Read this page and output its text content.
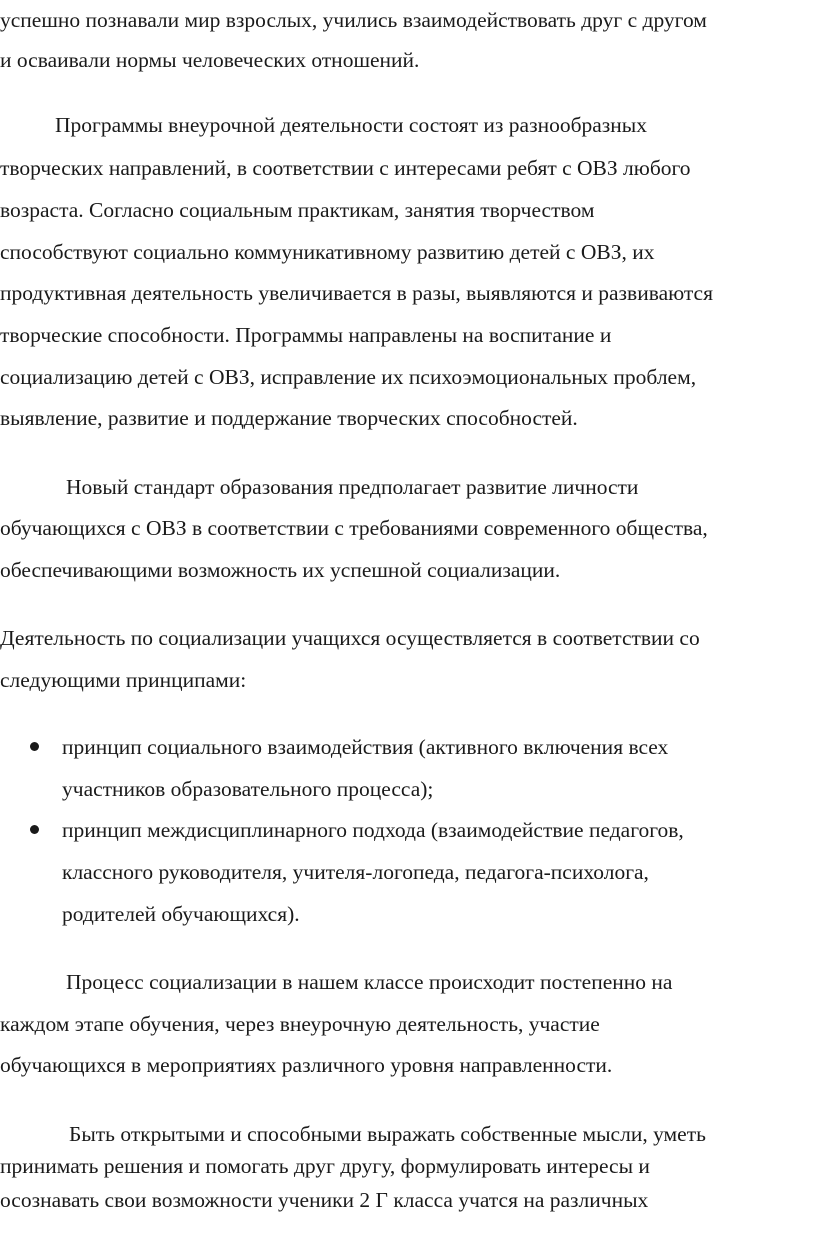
успешно познавали мир взрослых, учились взаимодействовать друг с другом
и осваивали нормы человеческих отношений.
Программы внеурочной деятельности состоят из разнообразных
творческих направлений, в соответствии с интересами ребят с ОВЗ любого
возраста. Согласно социальным практикам, занятия творчеством
способствуют социально коммуникативному развитию детей с ОВЗ, их
продуктивная деятельность увеличивается в разы, выявляются и развиваются
творческие способности. Программы направлены на воспитание и
социализацию детей с ОВЗ, исправление их психоэмоциональных проблем,
выявление, развитие и поддержание творческих способностей.
Новый стандарт образования предполагает развитие личности
обучающихся с ОВЗ в соответствии с требованиями современного общества,
обеспечивающими возможность их успешной социализации.
Деятельность по социализации учащихся осуществляется в соответствии со
следующими принципами:
принцип социального взаимодействия (активного включения всех
участников образовательного процесса);
принцип междисциплинарного подхода (взаимодействие педагогов,
классного руководителя, учителя-логопеда, педагога-психолога,
родителей обучающихся).
Процесс социализации в нашем классе происходит постепенно на
каждом этапе обучения, через внеурочную деятельность, участие
обучающихся в мероприятиях различного уровня направленности.
Быть открытыми и способными выражать собственные мысли, уметь
принимать решения и помогать друг другу, формулировать интересы и
осознавать свои возможности ученики 2 Г класса учатся на различных
